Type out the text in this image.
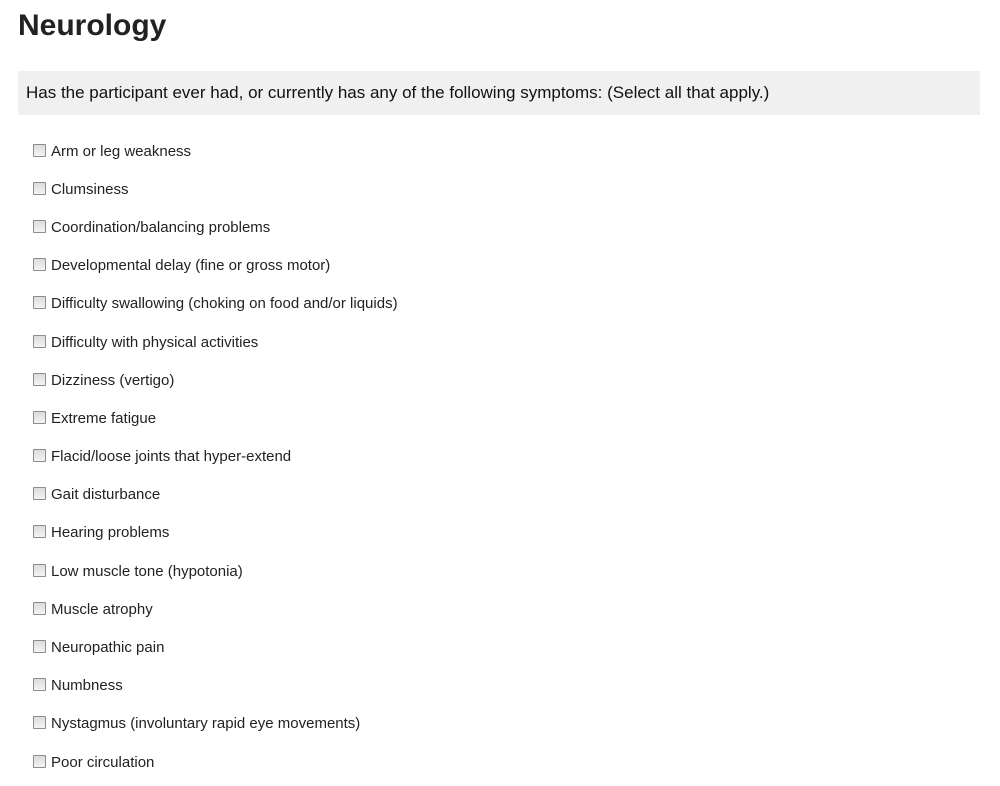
Neurology
Has the participant ever had, or currently has any of the following symptoms: (Select all that apply.)
Arm or leg weakness
Clumsiness
Coordination/balancing problems
Developmental delay (fine or gross motor)
Difficulty swallowing (choking on food and/or liquids)
Difficulty with physical activities
Dizziness (vertigo)
Extreme fatigue
Flacid/loose joints that hyper-extend
Gait disturbance
Hearing problems
Low muscle tone (hypotonia)
Muscle atrophy
Neuropathic pain
Numbness
Nystagmus (involuntary rapid eye movements)
Poor circulation
